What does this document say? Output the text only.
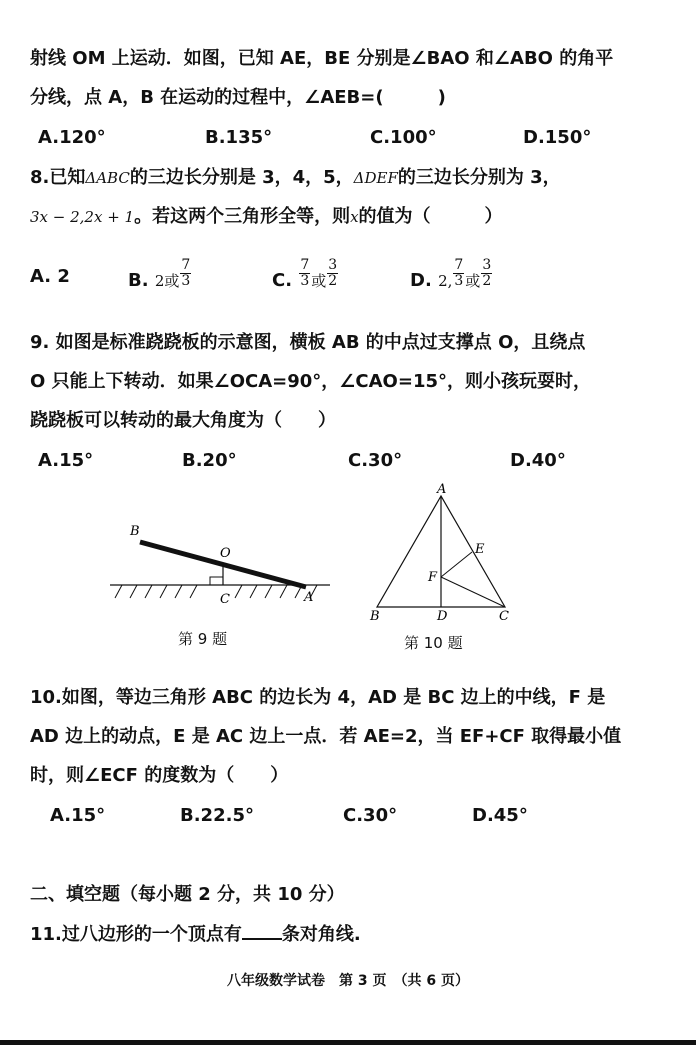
射线 OM 上运动．如图，已知 AE，BE 分别是∠BAO 和∠ABO 的角平
分线，点 A，B 在运动的过程中，∠AEB=(　　　)
A.120°	B.135°	C.100°	D.150°
8.已知ΔABC的三边长分别是 3，4，5，ΔDEF的三边长分别为 3，
3x − 2,2x + 1。若这两个三角形全等，则x的值为（　　　）
A. 2	B. $_{2或} \frac{7}{3}$	C. $\frac{7}{3} _或 \frac{3}{2}$	D. $_{2,} \frac{7}{3} _或 \frac{3}{2}$
9. 如图是标准跷跷板的示意图，横板 AB 的中点过支撑点 O，且绕点
O 只能上下转动．如果∠OCA=90°，∠CAO=15°，则小孩玩耍时，
跷跷板可以转动的最大角度为（　　）
A.15°	B.20°	C.30°	D.40°
B
O
C	A
第 9 题
A
E
F
B	D	C
第 10 题
10.如图，等边三角形 ABC 的边长为 4，AD 是 BC 边上的中线，F 是
AD 边上的动点，E 是 AC 边上一点．若 AE=2，当 EF+CF 取得最小值
时，则∠ECF 的度数为（　　）
A.15°	B.22.5°	C.30°	D.45°
二、填空题（每小题 2 分，共 10 分）
11.过八边形的一个顶点有 条对角线.
八年级数学试卷　第 3 页　（共 6 页）
